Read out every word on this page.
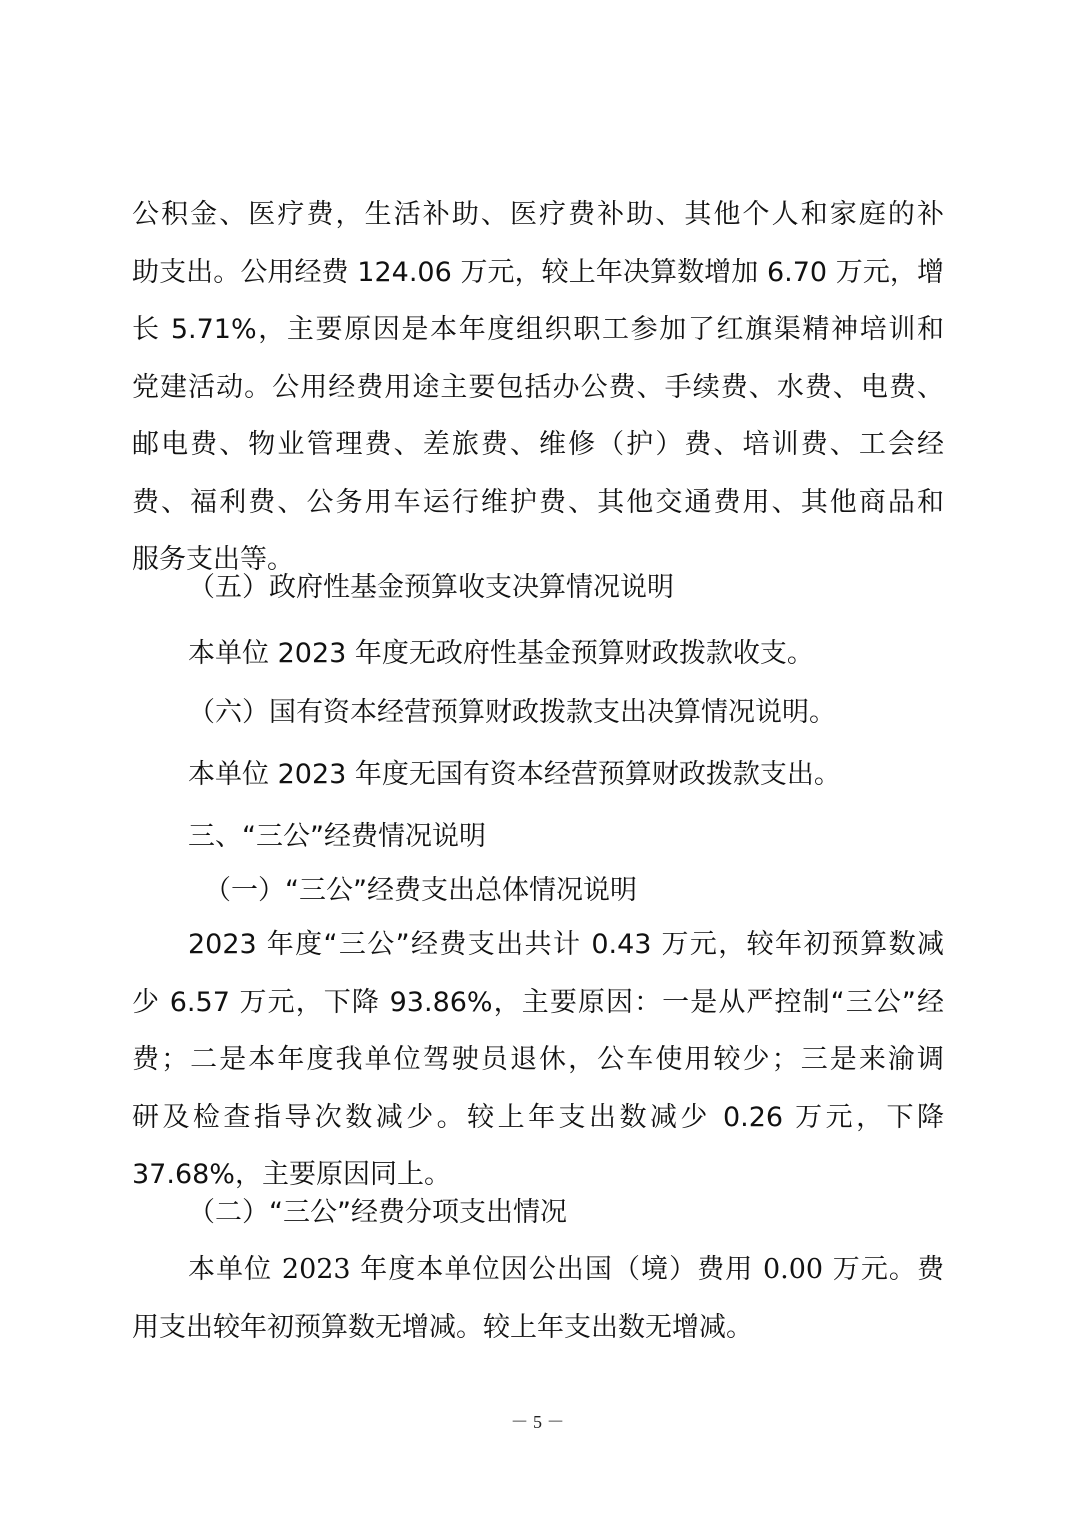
公积金、医疗费，生活补助、医疗费补助、其他个人和家庭的补
助支出。公用经费 124.06 万元，较上年决算数增加 6.70 万元，增
长 5.71%，主要原因是本年度组织职工参加了红旗渠精神培训和
党建活动。公用经费用途主要包括办公费、手续费、水费、电费、
邮电费、物业管理费、差旅费、维修（护）费、培训费、工会经
费、福利费、公务用车运行维护费、其他交通费用、其他商品和
服务支出等。
（五）政府性基金预算收支决算情况说明
本单位 2023 年度无政府性基金预算财政拨款收支。
（六）国有资本经营预算财政拨款支出决算情况说明。
本单位 2023 年度无国有资本经营预算财政拨款支出。
三、“三公”经费情况说明
（一）“三公”经费支出总体情况说明
2023 年度“三公”经费支出共计 0.43 万元，较年初预算数减
少 6.57 万元，下降 93.86%，主要原因：一是从严控制“三公”经
费；二是本年度我单位驾驶员退休，公车使用较少；三是来渝调
研及检查指导次数减少。较上年支出数减少 0.26 万元，下降
37.68%，主要原因同上。
（二）“三公”经费分项支出情况
本单位 2023 年度本单位因公出国（境）费用 0.00 万元。费
用支出较年初预算数无增减。较上年支出数无增减。
－ 5 －
